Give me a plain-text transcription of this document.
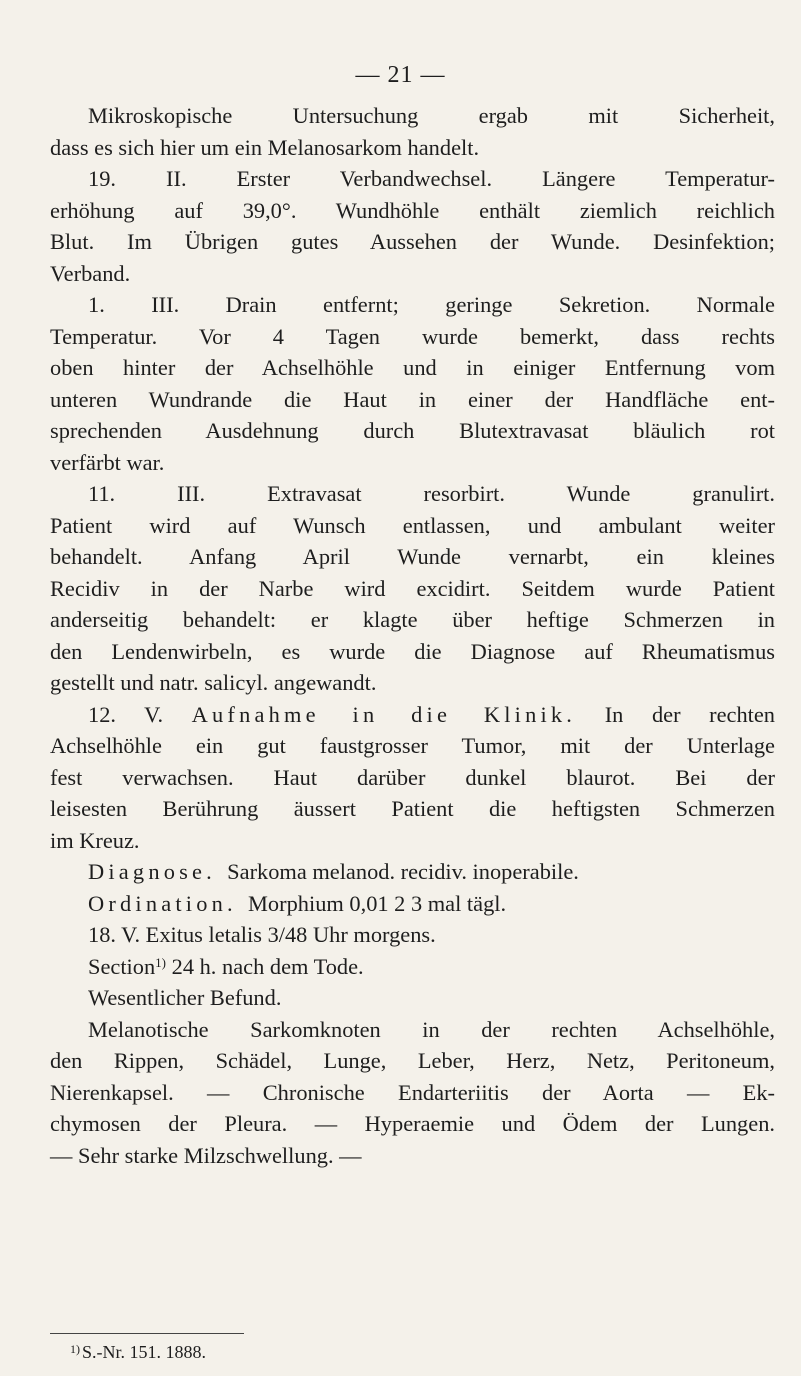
— 21 —
Mikroskopische Untersuchung ergab mit Sicherheit,
dass es sich hier um ein Melanosarkom handelt.
19. II. Erster Verbandwechsel. Längere Temperatur-
erhöhung auf 39,0°. Wundhöhle enthält ziemlich reichlich
Blut. Im Übrigen gutes Aussehen der Wunde. Desinfektion;
Verband.
1. III. Drain entfernt; geringe Sekretion. Normale
Temperatur. Vor 4 Tagen wurde bemerkt, dass rechts
oben hinter der Achselhöhle und in einiger Entfernung vom
unteren Wundrande die Haut in einer der Handfläche ent-
sprechenden Ausdehnung durch Blutextravasat bläulich rot
verfärbt war.
11. III. Extravasat resorbirt. Wunde granulirt.
Patient wird auf Wunsch entlassen, und ambulant weiter
behandelt. Anfang April Wunde vernarbt, ein kleines
Recidiv in der Narbe wird excidirt. Seitdem wurde Patient
anderseitig behandelt: er klagte über heftige Schmerzen in
den Lendenwirbeln, es wurde die Diagnose auf Rheumatismus
gestellt und natr. salicyl. angewandt.
12. V. Aufnahme in die Klinik. In der rechten
Achselhöhle ein gut faustgrosser Tumor, mit der Unterlage
fest verwachsen. Haut darüber dunkel blaurot. Bei der
leisesten Berührung äussert Patient die heftigsten Schmerzen
im Kreuz.
Diagnose. Sarkoma melanod. recidiv. inoperabile.
Ordination. Morphium 0,01 2 3 mal tägl.
18. V. Exitus letalis 3/48 Uhr morgens.
Section$^{1)}$ 24 h. nach dem Tode.
Wesentlicher Befund.
Melanotische Sarkomknoten in der rechten Achselhöhle,
den Rippen, Schädel, Lunge, Leber, Herz, Netz, Peritoneum,
Nierenkapsel. — Chronische Endarteriitis der Aorta — Ek-
chymosen der Pleura. — Hyperaemie und Ödem der Lungen.
— Sehr starke Milzschwellung. —
$^{1)}$ S.-Nr. 151. 1888.
